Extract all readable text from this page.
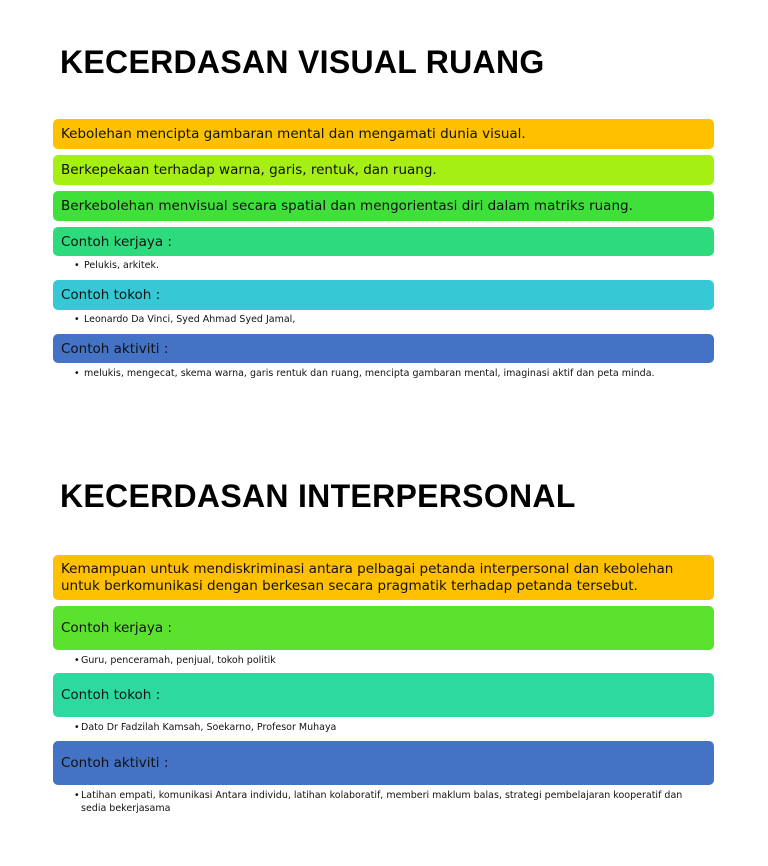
KECERDASAN VISUAL RUANG
Kebolehan mencipta gambaran mental dan mengamati dunia visual.
Berkepekaan terhadap warna, garis, rentuk, dan ruang.
Berkebolehan menvisual secara spatial dan mengorientasi diri dalam matriks ruang.
Contoh kerjaya :
• Pelukis, arkitek.
Contoh tokoh :
• Leonardo Da Vinci, Syed Ahmad Syed Jamal,
Contoh aktiviti :
• melukis, mengecat, skema warna, garis rentuk dan ruang, mencipta gambaran mental, imaginasi aktif dan peta minda.
KECERDASAN INTERPERSONAL
Kemampuan untuk mendiskriminasi antara pelbagai petanda interpersonal dan kebolehan untuk berkomunikasi dengan berkesan secara pragmatik terhadap petanda tersebut.
Contoh kerjaya :
• Guru, penceramah, penjual, tokoh politik
Contoh tokoh :
• Dato Dr Fadzilah Kamsah, Soekarno, Profesor Muhaya
Contoh aktiviti :
• Latihan empati, komunikasi Antara individu, latihan kolaboratif, memberi maklum balas, strategi pembelajaran kooperatif dan sedia bekerjasama
